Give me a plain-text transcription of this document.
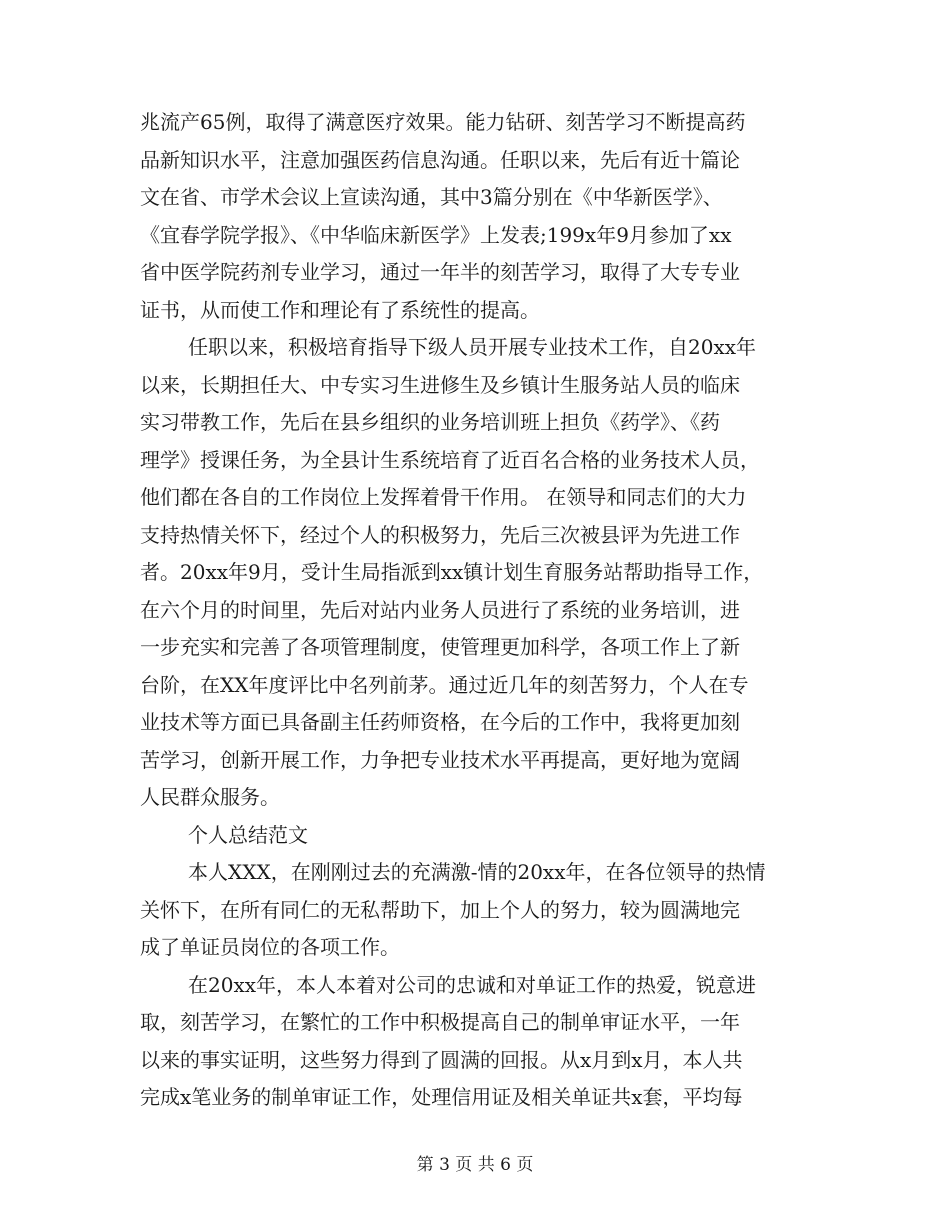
兆流产65例，取得了满意医疗效果。能力钻研、刻苦学习不断提高药
品新知识水平，注意加强医药信息沟通。任职以来，先后有近十篇论
文在省、市学术会议上宣读沟通，其中3篇分别在《中华新医学》、
《宜春学院学报》、《中华临床新医学》上发表;199x年9月参加了xx
省中医学院药剂专业学习，通过一年半的刻苦学习，取得了大专专业
证书，从而使工作和理论有了系统性的提高。
任职以来，积极培育指导下级人员开展专业技术工作，自20xx年
以来，长期担任大、中专实习生进修生及乡镇计生服务站人员的临床
实习带教工作，先后在县乡组织的业务培训班上担负《药学》、《药
理学》授课任务，为全县计生系统培育了近百名合格的业务技术人员，
他们都在各自的工作岗位上发挥着骨干作用。 在领导和同志们的大力
支持热情关怀下，经过个人的积极努力，先后三次被县评为先进工作
者。20xx年9月，受计生局指派到xx镇计划生育服务站帮助指导工作，
在六个月的时间里，先后对站内业务人员进行了系统的业务培训，进
一步充实和完善了各项管理制度，使管理更加科学，各项工作上了新
台阶，在XX年度评比中名列前茅。通过近几年的刻苦努力，个人在专
业技术等方面已具备副主任药师资格，在今后的工作中，我将更加刻
苦学习，创新开展工作，力争把专业技术水平再提高，更好地为宽阔
人民群众服务。
个人总结范文
本人XXX，在刚刚过去的充满激-情的20xx年，在各位领导的热情
关怀下，在所有同仁的无私帮助下，加上个人的努力，较为圆满地完
成了单证员岗位的各项工作。
在20xx年，本人本着对公司的忠诚和对单证工作的热爱，锐意进
取，刻苦学习，在繁忙的工作中积极提高自己的制单审证水平，一年
以来的事实证明，这些努力得到了圆满的回报。从x月到x月，本人共
完成x笔业务的制单审证工作，处理信用证及相关单证共x套，平均每
第 3 页 共 6 页
